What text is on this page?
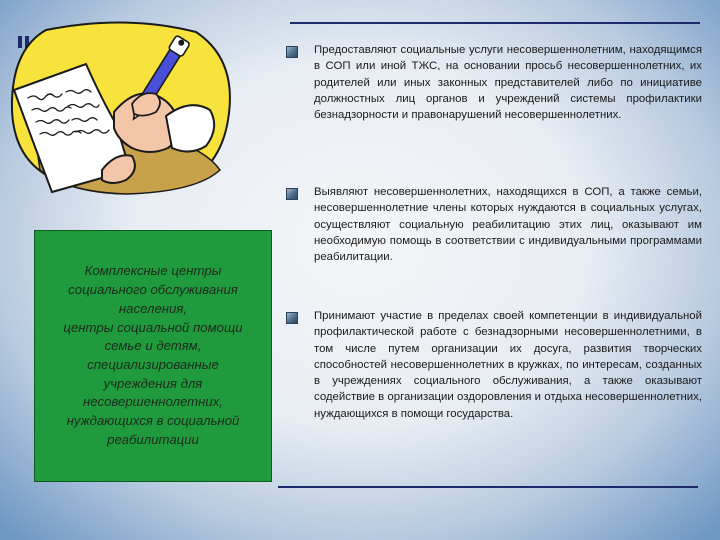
Комплексные центры
социального обслуживания
населения,
центры социальной помощи
семье и детям,
специализированные
учреждения для
несовершеннолетних,
нуждающихся в социальной
реабилитации

Предоставляют социальные услуги несовершеннолетним, находящимся в СОП или иной ТЖС, на основании просьб несовершеннолетних, их родителей или иных законных представителей либо по инициативе должностных лиц органов и учреждений системы профилактики безнадзорности и правонарушений несовершеннолетних.

Выявляют несовершеннолетних, находящихся в СОП, а также семьи, несовершеннолетние члены которых нуждаются в социальных услугах, осуществляют социальную реабилитацию этих лиц, оказывают им необходимую помощь в соответствии с индивидуальными программами реабилитации.

Принимают участие в пределах своей компетенции в индивидуальной профилактической работе с безнадзорными несовершеннолетними, в том числе путем организации их досуга, развития творческих способностей несовершеннолетних в кружках, по интересам, созданных в учреждениях социального обслуживания, а также оказывают содействие в организации оздоровления и отдыха несовершеннолетних, нуждающихся в помощи государства.
